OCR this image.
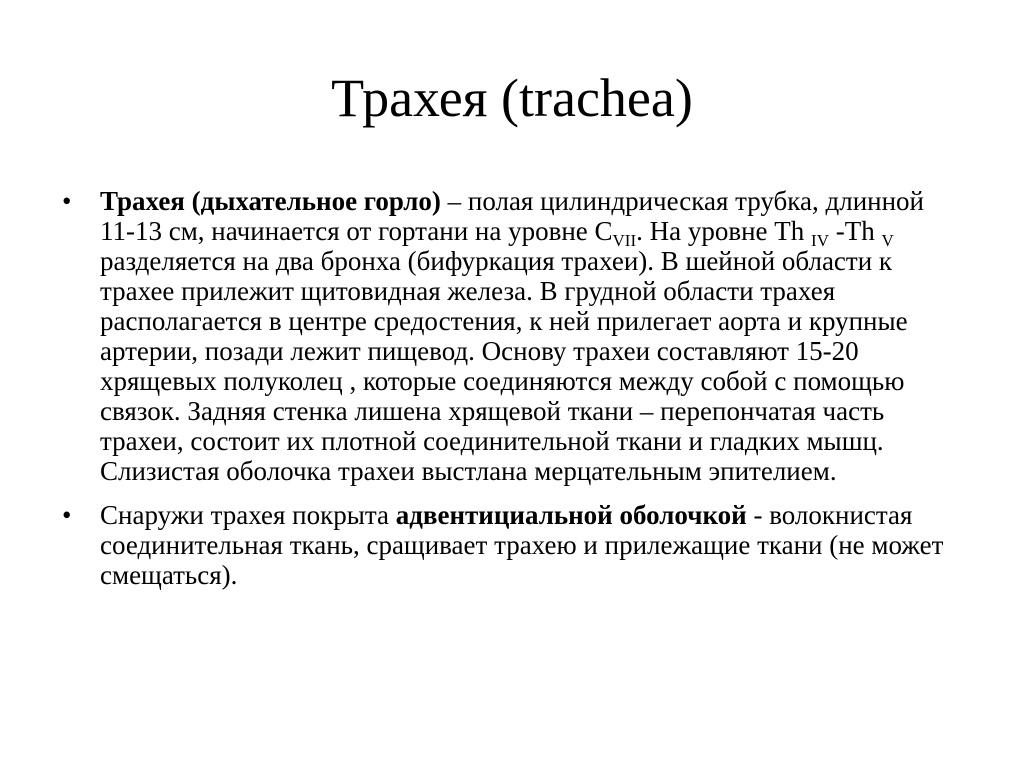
Трахея (trachea)

• Трахея (дыхательное горло) – полая цилиндрическая трубка, длинной 11-13 см, начинается от гортани на уровне $С_{VII}$. На уровне Th $_{IV}$ -Th $_V$ разделяется на два бронха (бифуркация трахеи). В шейной области к трахее прилежит щитовидная железа. В грудной области трахея располагается в центре средостения, к ней прилегает аорта и крупные артерии, позади лежит пищевод. Основу трахеи составляют 15-20 хрящевых полуколец , которые соединяются между собой с помощью связок. Задняя стенка лишена хрящевой ткани – перепончатая часть трахеи, состоит их плотной соединительной ткани и гладких мышц. Слизистая оболочка трахеи выстлана мерцательным эпителием.

• Снаружи трахея покрыта адвентициальной оболочкой - волокнистая соединительная ткань, сращивает трахею и прилежащие ткани (не может смещаться).
